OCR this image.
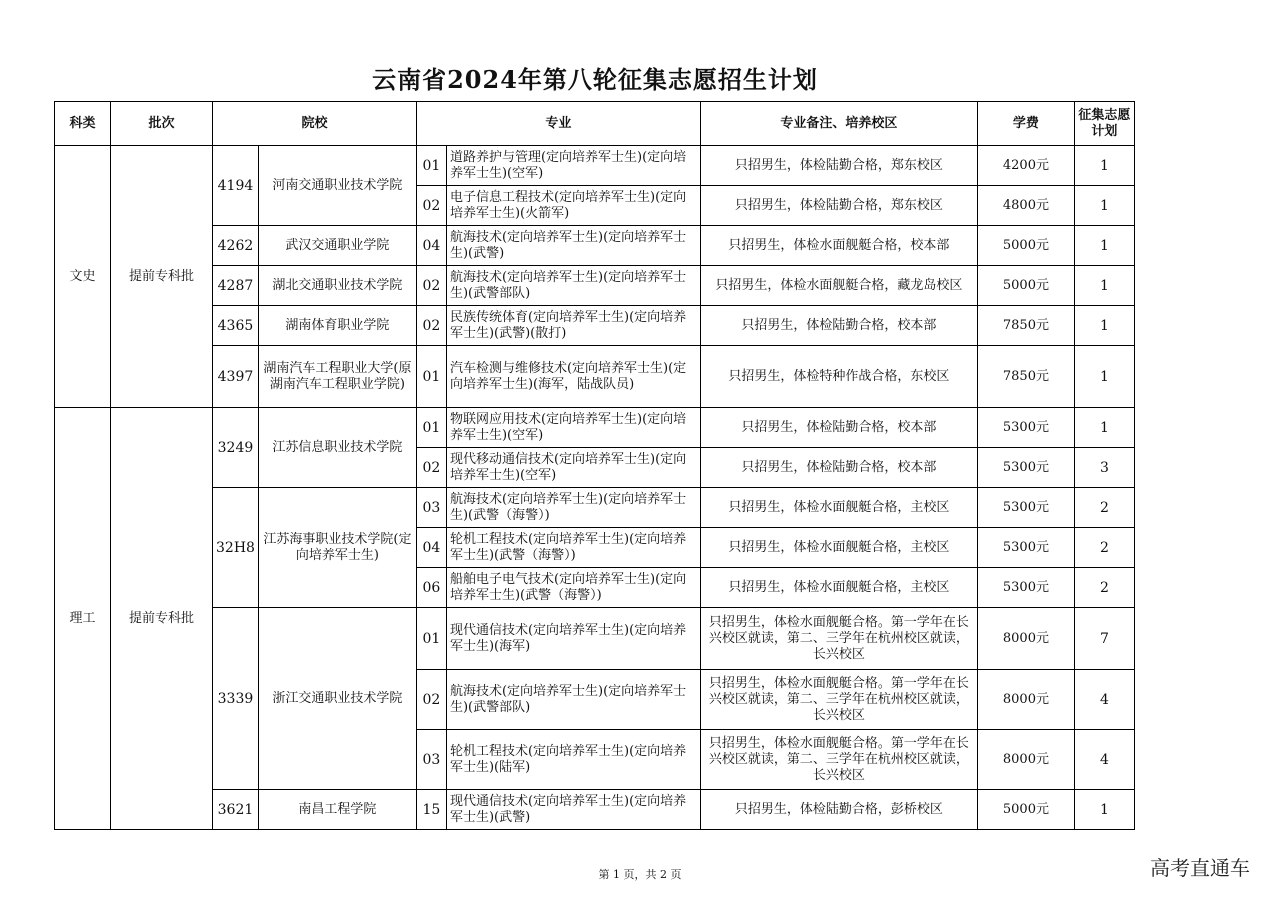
云南省2024年第八轮征集志愿招生计划
科类	批次	院校		专业		专业备注、培养校区	学费	征集志愿计划
文史	提前专科批	4194	河南交通职业技术学院	01	道路养护与管理(定向培养军士生)(定向培养军士生)(空军)	只招男生，体检陆勤合格，郑东校区	4200元	1
				02	电子信息工程技术(定向培养军士生)(定向培养军士生)(火箭军)	只招男生，体检陆勤合格，郑东校区	4800元	1
		4262	武汉交通职业学院	04	航海技术(定向培养军士生)(定向培养军士生)(武警)	只招男生，体检水面舰艇合格，校本部	5000元	1
		4287	湖北交通职业技术学院	02	航海技术(定向培养军士生)(定向培养军士生)(武警部队)	只招男生，体检水面舰艇合格，藏龙岛校区	5000元	1
		4365	湖南体育职业学院	02	民族传统体育(定向培养军士生)(定向培养军士生)(武警)(散打)	只招男生，体检陆勤合格，校本部	7850元	1
		4397	湖南汽车工程职业大学(原湖南汽车工程职业学院)	01	汽车检测与维修技术(定向培养军士生)(定向培养军士生)(海军，陆战队员)	只招男生，体检特种作战合格，东校区	7850元	1
理工	提前专科批	3249	江苏信息职业技术学院	01	物联网应用技术(定向培养军士生)(定向培养军士生)(空军)	只招男生，体检陆勤合格，校本部	5300元	1
				02	现代移动通信技术(定向培养军士生)(定向培养军士生)(空军)	只招男生，体检陆勤合格，校本部	5300元	3
		32H8	江苏海事职业技术学院(定向培养军士生)	03	航海技术(定向培养军士生)(定向培养军士生)(武警（海警）)	只招男生，体检水面舰艇合格，主校区	5300元	2
				04	轮机工程技术(定向培养军士生)(定向培养军士生)(武警（海警）)	只招男生，体检水面舰艇合格，主校区	5300元	2
				06	船舶电子电气技术(定向培养军士生)(定向培养军士生)(武警（海警）)	只招男生，体检水面舰艇合格，主校区	5300元	2
		3339	浙江交通职业技术学院	01	现代通信技术(定向培养军士生)(定向培养军士生)(海军)	只招男生，体检水面舰艇合格。第一学年在长兴校区就读，第二、三学年在杭州校区就读，长兴校区	8000元	7
				02	航海技术(定向培养军士生)(定向培养军士生)(武警部队)	只招男生，体检水面舰艇合格。第一学年在长兴校区就读，第二、三学年在杭州校区就读，长兴校区	8000元	4
				03	轮机工程技术(定向培养军士生)(定向培养军士生)(陆军)	只招男生，体检水面舰艇合格。第一学年在长兴校区就读，第二、三学年在杭州校区就读，长兴校区	8000元	4
		3621	南昌工程学院	15	现代通信技术(定向培养军士生)(定向培养军士生)(武警)	只招男生，体检陆勤合格，彭桥校区	5000元	1
第 1 页，共 2 页	高考直通车
